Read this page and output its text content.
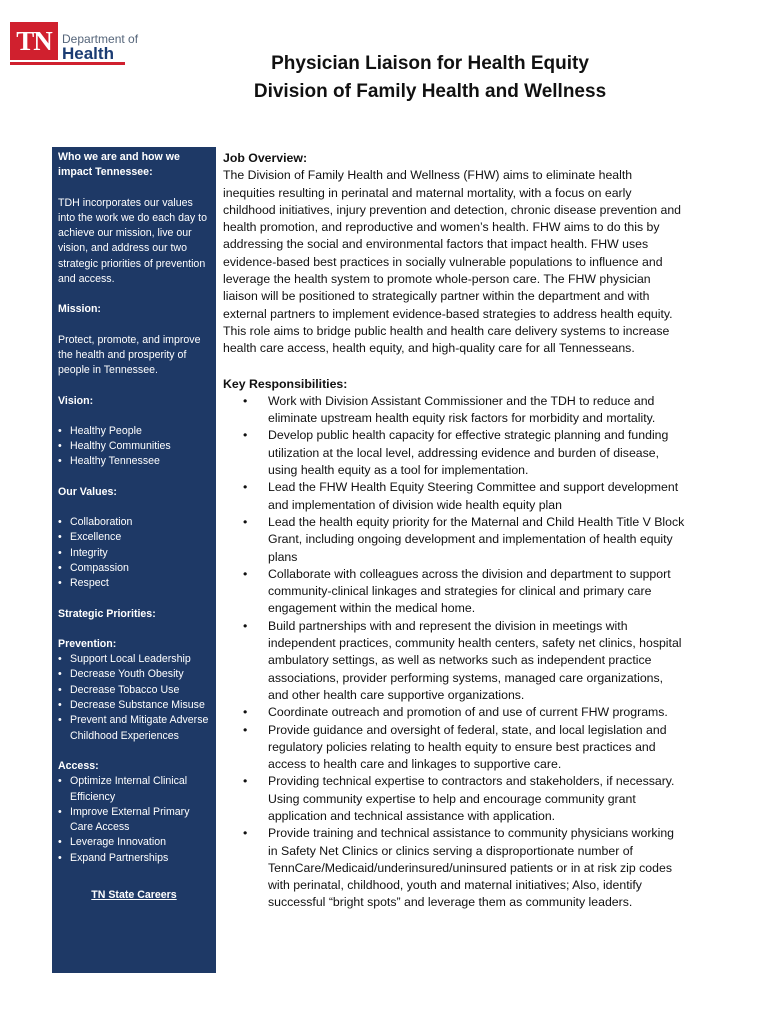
TN Department of
Health	Physician Liaison for Health Equity
Division of Family Health and Wellness

Who we are and how we impact Tennessee:

TDH incorporates our values into the work we do each day to achieve our mission, live our vision, and address our two strategic priorities of prevention and access.

Mission:

Protect, promote, and improve the health and prosperity of people in Tennessee.

Vision:

• Healthy People
• Healthy Communities
• Healthy Tennessee

Our Values:

• Collaboration
• Excellence
• Integrity
• Compassion
• Respect

Strategic Priorities:

Prevention:

• Support Local Leadership
• Decrease Youth Obesity
• Decrease Tobacco Use
• Decrease Substance Misuse
• Prevent and Mitigate Adverse Childhood Experiences

Access:

• Optimize Internal Clinical Efficiency
• Improve External Primary Care Access
• Leverage Innovation
• Expand Partnerships

TN State Careers

Job Overview:

The Division of Family Health and Wellness (FHW) aims to eliminate health inequities resulting in perinatal and maternal mortality, with a focus on early childhood initiatives, injury prevention and detection, chronic disease prevention and health promotion, and reproductive and women’s health. FHW aims to do this by addressing the social and environmental factors that impact health. FHW uses evidence-based best practices in socially vulnerable populations to influence and leverage the health system to promote whole-person care. The FHW physician liaison will be positioned to strategically partner within the department and with external partners to implement evidence-based strategies to address health equity. This role aims to bridge public health and health care delivery systems to increase health care access, health equity, and high-quality care for all Tennesseans.

Key Responsibilities:
• Work with Division Assistant Commissioner and the TDH to reduce and eliminate upstream health equity risk factors for morbidity and mortality.
• Develop public health capacity for effective strategic planning and funding utilization at the local level, addressing evidence and burden of disease, using health equity as a tool for implementation.
• Lead the FHW Health Equity Steering Committee and support development and implementation of division wide health equity plan
• Lead the health equity priority for the Maternal and Child Health Title V Block Grant, including ongoing development and implementation of health equity plans
• Collaborate with colleagues across the division and department to support community-clinical linkages and strategies for clinical and primary care engagement within the medical home.
• Build partnerships with and represent the division in meetings with independent practices, community health centers, safety net clinics, hospital ambulatory settings, as well as networks such as independent practice associations, provider performing systems, managed care organizations, and other health care supportive organizations.
• Coordinate outreach and promotion of and use of current FHW programs.
• Provide guidance and oversight of federal, state, and local legislation and regulatory policies relating to health equity to ensure best practices and access to health care and linkages to supportive care.
• Providing technical expertise to contractors and stakeholders, if necessary. Using community expertise to help and encourage community grant application and technical assistance with application.
• Provide training and technical assistance to community physicians working in Safety Net Clinics or clinics serving a disproportionate number of TennCare/Medicaid/underinsured/uninsured patients or in at risk zip codes with perinatal, childhood, youth and maternal initiatives; Also, identify successful “bright spots” and leverage them as community leaders.
